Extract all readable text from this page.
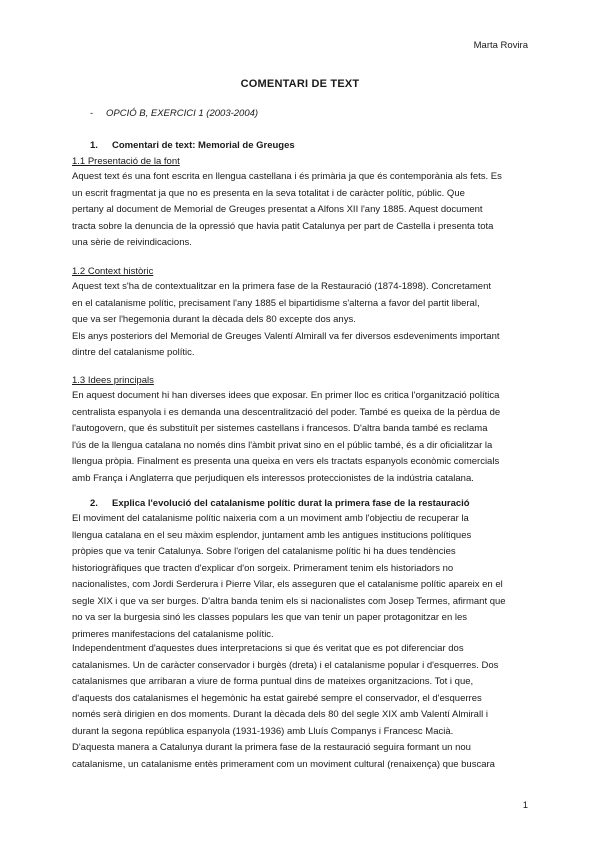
Marta Rovira
COMENTARI DE TEXT
- OPCIÓ B, EXERCICI 1 (2003-2004)
1. Comentari de text: Memorial de Greuges
1.1 Presentació de la font
Aquest text és una font escrita en llengua castellana i és primària ja que és contemporània als fets. Es
un escrit fragmentat ja que no es presenta en la seva totalitat i de caràcter polític, públic. Que
pertany al document de Memorial de Greuges presentat a Alfons XII l'any 1885. Aquest document
tracta sobre la denuncia de la opressió que havia patit Catalunya per part de Castella i presenta tota
una sèrie de reivindicacions.
1.2 Context històric
Aquest text s'ha de contextualitzar en la primera fase de la Restauració (1874-1898). Concretament
en el catalanisme polític, precisament l'any 1885 el bipartidisme s'alterna a favor del partit liberal,
que va ser l'hegemonia durant la dècada dels 80 excepte dos anys.
Els anys posteriors del Memorial de Greuges Valentí Almirall va fer diversos esdeveniments important
dintre del catalanisme polític.
1.3 Idees principals
En aquest document hi han diverses idees que exposar. En primer lloc es critica l'organització política
centralista espanyola i es demanda una descentralització del poder. També es queixa de la pèrdua de
l'autogovern, que és substituït per sistemes castellans i francesos. D'altra banda també es reclama
l'ús de la llengua catalana no només dins l'àmbit privat sino en el públic també, és a dir oficialitzar la
llengua pròpia. Finalment es presenta una queixa en vers els tractats espanyols econòmic comercials
amb França i Anglaterra que perjudiquen els interessos proteccionistes de la indústria catalana.
2. Explica l'evolució del catalanisme polític durat la primera fase de la restauració
El moviment del catalanisme polític naixeria com a un moviment amb l'objectiu de recuperar la
llengua catalana en el seu màxim esplendor, juntament amb les antigues institucions polítiques
pròpies que va tenir Catalunya. Sobre l'origen del catalanisme polític hi ha dues tendències
historiogràfiques que tracten d'explicar d'on sorgeix. Primerament tenim els historiadors no
nacionalistes, com Jordi Serderura i Pierre Vilar, els asseguren que el catalanisme polític apareix en el
segle XIX i que va ser burges. D'altra banda tenim els si nacionalistes com Josep Termes, afirmant que
no va ser la burgesia sinó les classes populars les que van tenir un paper protagonitzar en les
primeres manifestacions del catalanisme polític.
Independentment d'aquestes dues interpretacions si que és veritat que es pot diferenciar dos
catalanismes. Un de caràcter conservador i burgès (dreta) i el catalanisme popular i d'esquerres. Dos
catalanismes que arribaran a viure de forma puntual dins de mateixes organitzacions. Tot i que,
d'aquests dos catalanismes el hegemònic ha estat gairebé sempre el conservador, el d'esquerres
només serà dirigien en dos moments. Durant la dècada dels 80 del segle XIX amb Valentí Almirall i
durant la segona república espanyola (1931-1936) amb Lluís Companys i Francesc Macià.
D'aquesta manera a Catalunya durant la primera fase de la restauració seguira formant un nou
catalanisme, un catalanisme entès primerament com un moviment cultural (renaixença) que buscara
1
